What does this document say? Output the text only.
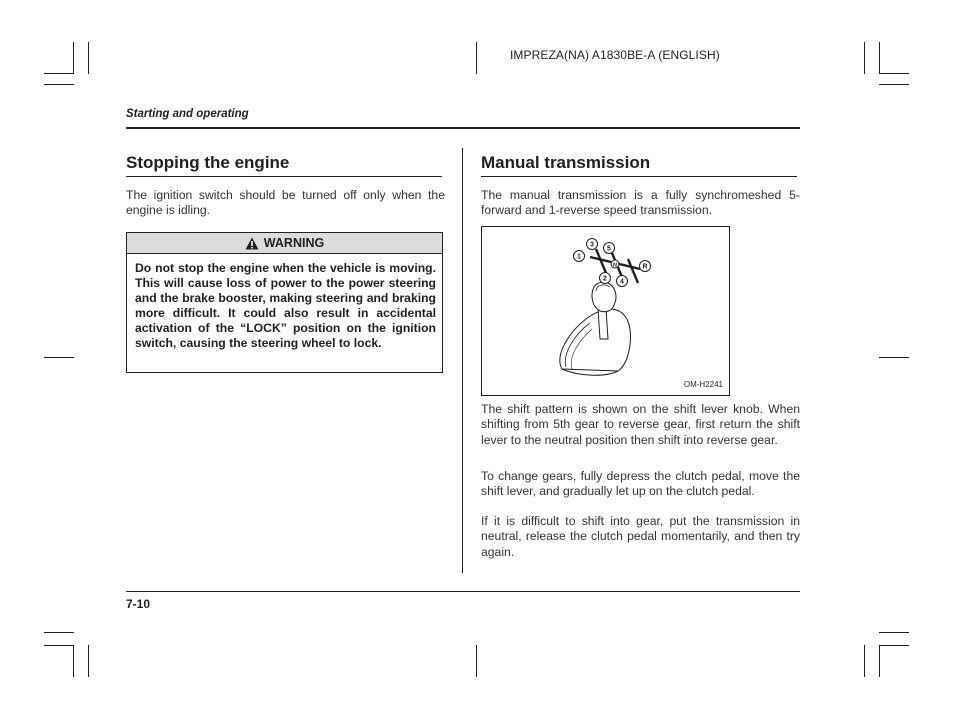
IMPREZA(NA) A1830BE-A (ENGLISH)
Starting and operating
Stopping the engine
The ignition switch should be turned off only when the engine is idling.
WARNING
Do not stop the engine when the vehicle is moving. This will cause loss of power to the power steering and the brake booster, making steering and braking more difficult. It could also result in accidental activation of the “LOCK” position on the ignition switch, causing the steering wheel to lock.
Manual transmission
The manual transmission is a fully synchromeshed 5-forward and 1-reverse speed transmission.
3
5
1
2 4
R
N
OM-H2241
The shift pattern is shown on the shift lever knob. When shifting from 5th gear to reverse gear, first return the shift lever to the neutral position then shift into reverse gear.
To change gears, fully depress the clutch pedal, move the shift lever, and gradually let up on the clutch pedal.
If it is difficult to shift into gear, put the transmission in neutral, release the clutch pedal momentarily, and then try again.
7-10
